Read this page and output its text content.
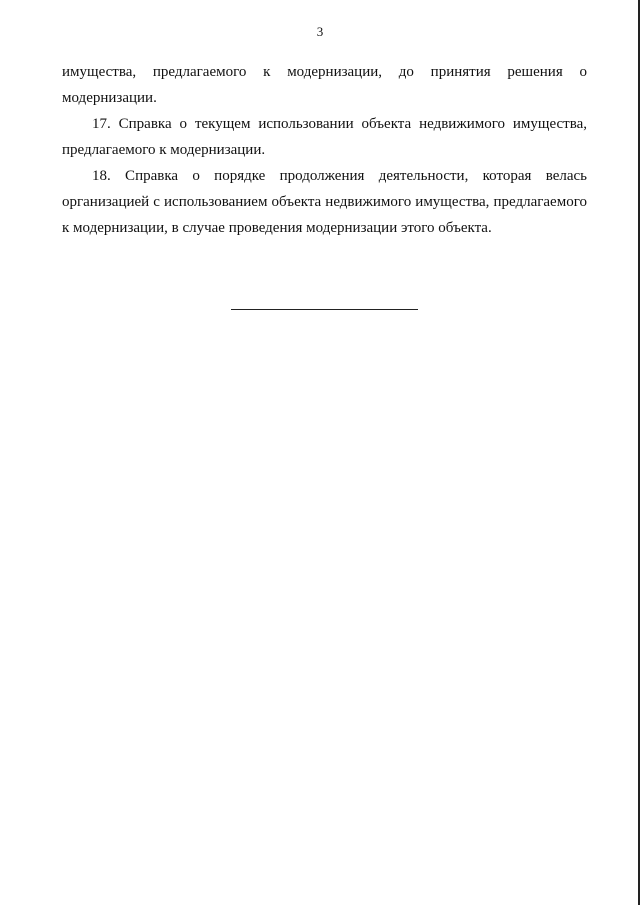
3

имущества, предлагаемого к модернизации, до принятия решения о модернизации.

17. Справка о текущем использовании объекта недвижимого имущества, предлагаемого к модернизации.

18. Справка о порядке продолжения деятельности, которая велась организацией с использованием объекта недвижимого имущества, предлагаемого к модернизации, в случае проведения модернизации этого объекта.
